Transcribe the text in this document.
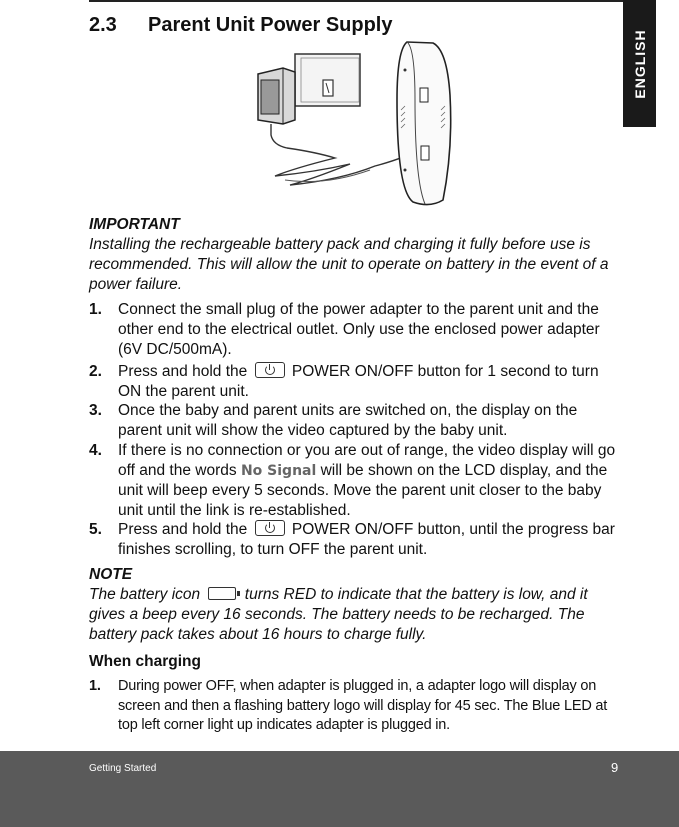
ENGLISH
2.3 Parent Unit Power Supply
IMPORTANT
Installing the rechargeable battery pack and charging it fully before use is recommended. This will allow the unit to operate on battery in the event of a power failure.
1. Connect the small plug of the power adapter to the parent unit and the other end to the electrical outlet. Only use the enclosed power adapter (6V DC/500mA).
2. Press and hold the	POWER ON/OFF button for 1 second to turn ON the parent unit.
3. Once the baby and parent units are switched on, the display on the parent unit will show the video captured by the baby unit.
4. If there is no connection or you are out of range, the video display will go off and the words No Signal will be shown on the LCD display, and the unit will beep every 5 seconds. Move the parent unit closer to the baby unit until the link is re-established.
5. Press and hold the	POWER ON/OFF button, until the progress bar finishes scrolling, to turn OFF the parent unit.
NOTE
The battery icon	turns RED to indicate that the battery is low, and it gives a beep every 16 seconds. The battery needs to be recharged. The battery pack takes about 16 hours to charge fully.
When charging
1. During power OFF, when adapter is plugged in, a adapter logo will display on screen and then a flashing battery logo will display for 45 sec. The Blue LED at top left corner light up indicates adapter is plugged in.
Getting Started	9
